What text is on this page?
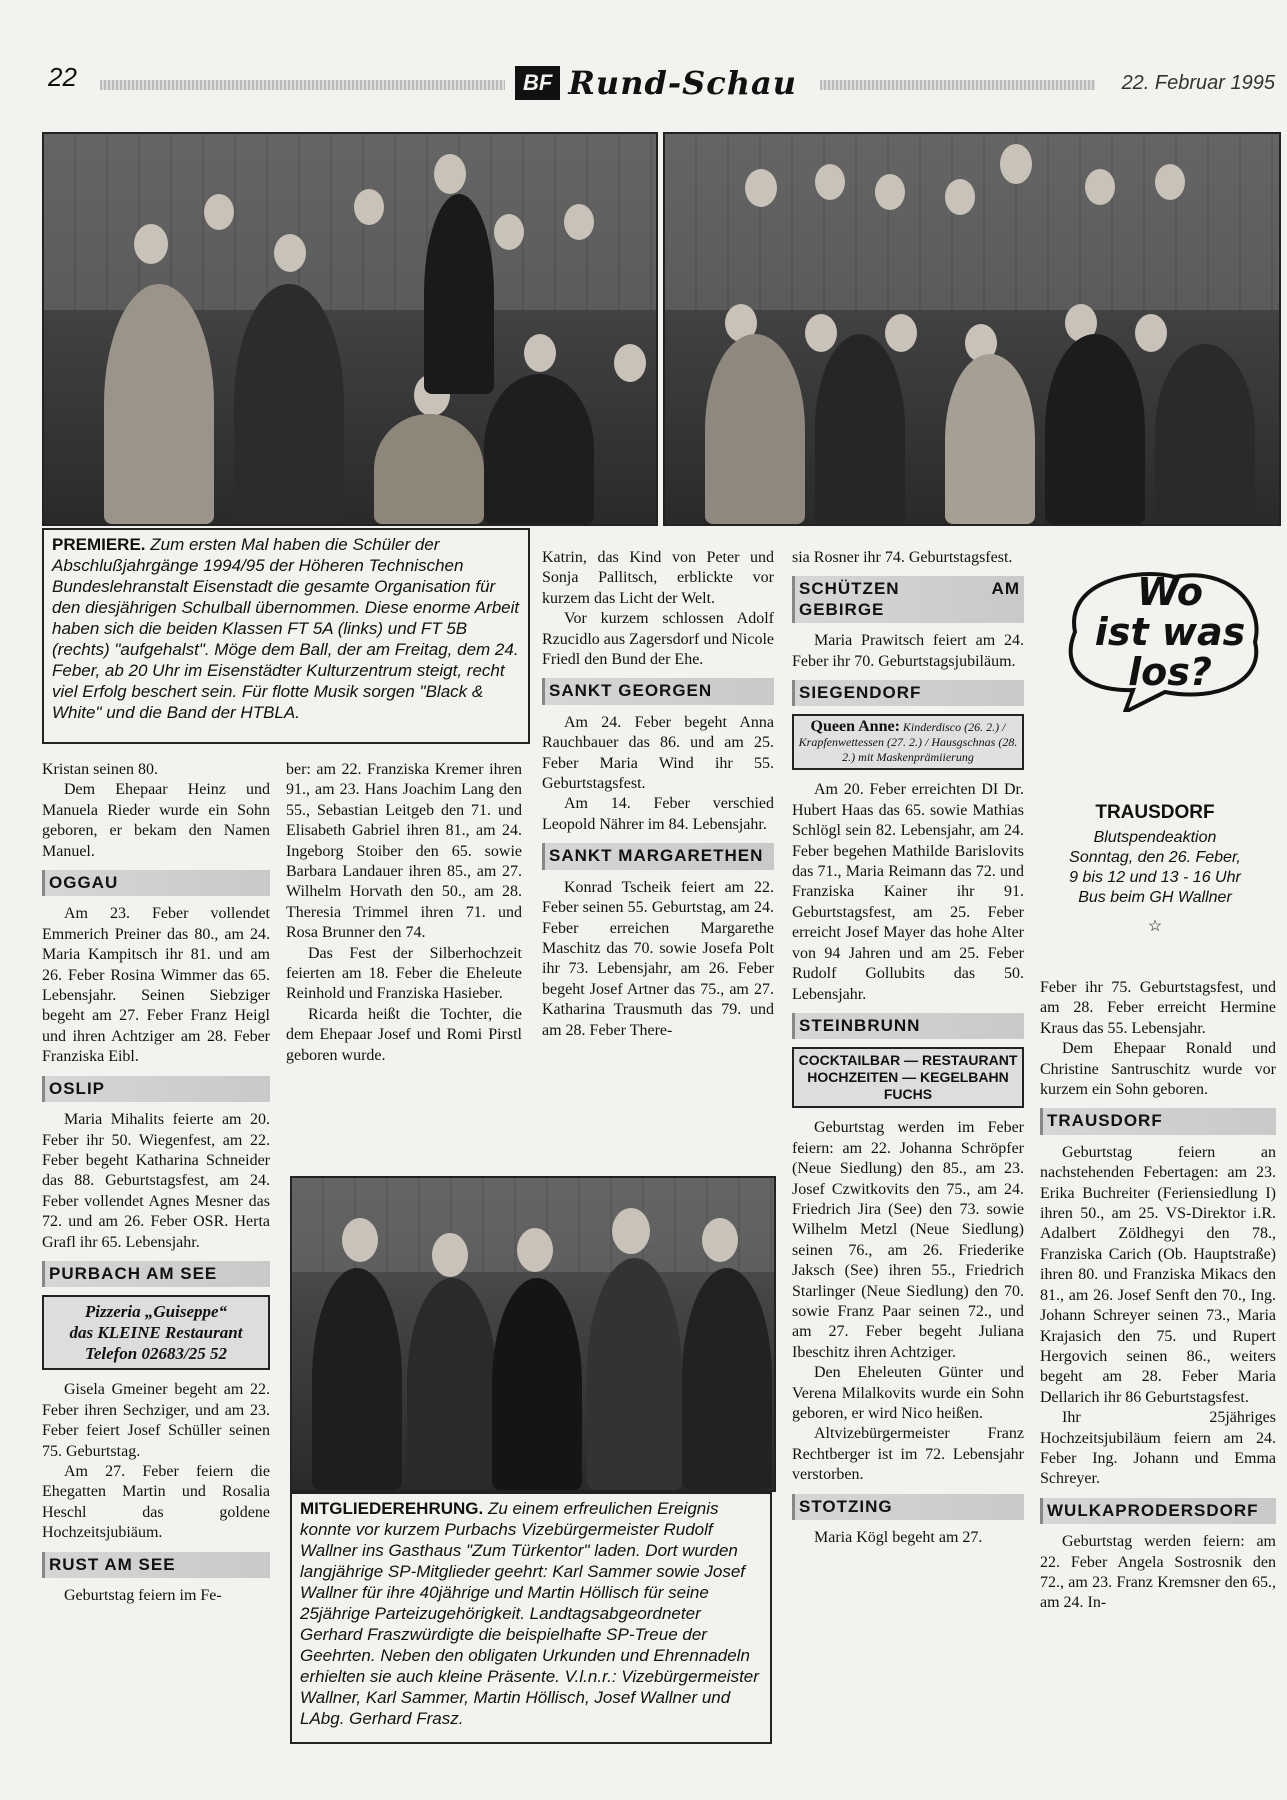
22	BF Rund-Schau	22. Februar 1995
PREMIERE. Zum ersten Mal haben die Schüler der Abschlußjahrgänge 1994/95 der Höheren Technischen Bundeslehranstalt Eisenstadt die gesamte Organisation für den diesjährigen Schulball übernommen. Diese enorme Arbeit haben sich die beiden Klassen FT 5A (links) und FT 5B (rechts) "aufgehalst". Möge dem Ball, der am Freitag, dem 24. Feber, ab 20 Uhr im Eisenstädter Kulturzentrum steigt, recht viel Erfolg beschert sein. Für flotte Musik sorgen "Black & White" und die Band der HTBLA.

Kristan seinen 80.

Dem Ehepaar Heinz und Manuela Rieder wurde ein Sohn geboren, er bekam den Namen Manuel.

OGGAU

Am 23. Feber vollendet Emmerich Preiner das 80., am 24. Maria Kampitsch ihr 81. und am 26. Feber Rosina Wimmer das 65. Lebensjahr. Seinen Siebziger begeht am 27. Feber Franz Heigl und ihren Achtziger am 28. Feber Franziska Eibl.

OSLIP

Maria Mihalits feierte am 20. Feber ihr 50. Wiegenfest, am 22. Feber begeht Katharina Schneider das 88. Geburtstagsfest, am 24. Feber vollendet Agnes Mesner das 72. und am 26. Feber OSR. Herta Grafl ihr 65. Lebensjahr.

PURBACH AM SEE
Pizzeria „Guiseppe“
das KLEINE Restaurant
Telefon 02683/25 52

Gisela Gmeiner begeht am 22. Feber ihren Sechziger, und am 23. Feber feiert Josef Schüller seinen 75. Geburtstag.

Am 27. Feber feiern die Ehegatten Martin und Rosalia Heschl das goldene Hochzeitsjubiäum.

RUST AM SEE

Geburtstag feiern im Fe-

ber: am 22. Franziska Kremer ihren 91., am 23. Hans Joachim Lang den 55., Sebastian Leitgeb den 71. und Elisabeth Gabriel ihren 81., am 24. Ingeborg Stoiber den 65. sowie Barbara Landauer ihren 85., am 27. Wilhelm Horvath den 50., am 28. Theresia Trimmel ihren 71. und Rosa Brunner den 74.

Das Fest der Silberhochzeit feierten am 18. Feber die Eheleute Reinhold und Franziska Hasieber.

Ricarda heißt die Tochter, die dem Ehepaar Josef und Romi Pirstl geboren wurde.

Katrin, das Kind von Peter und Sonja Pallitsch, erblickte vor kurzem das Licht der Welt.

Vor kurzem schlossen Adolf Rzucidlo aus Zagersdorf und Nicole Friedl den Bund der Ehe.

SANKT GEORGEN

Am 24. Feber begeht Anna Rauchbauer das 86. und am 25. Feber Maria Wind ihr 55. Geburtstagsfest.

Am 14. Feber verschied Leopold Nährer im 84. Lebensjahr.

SANKT MARGARETHEN

Konrad Tscheik feiert am 22. Feber seinen 55. Geburtstag, am 24. Feber erreichen Margarethe Maschitz das 70. sowie Josefa Polt ihr 73. Lebensjahr, am 26. Feber begeht Josef Artner das 75., am 27. Katharina Trausmuth das 79. und am 28. Feber There-

MITGLIEDEREHRUNG. Zu einem erfreulichen Ereignis konnte vor kurzem Purbachs Vizebürgermeister Rudolf Wallner ins Gasthaus "Zum Türkentor" laden. Dort wurden langjährige SP-Mitglieder geehrt: Karl Sammer sowie Josef Wallner für ihre 40jährige und Martin Höllisch für seine 25jährige Parteizugehörigkeit. Landtagsabgeordneter Gerhard Fraszwürdigte die beispielhafte SP-Treue der Geehrten. Neben den obligaten Urkunden und Ehrennadeln erhielten sie auch kleine Präsente. V.l.n.r.: Vizebürgermeister Wallner, Karl Sammer, Martin Höllisch, Josef Wallner und LAbg. Gerhard Frasz.

sia Rosner ihr 74. Geburtstagsfest.

SCHÜTZEN AM GEBIRGE

Maria Prawitsch feiert am 24. Feber ihr 70. Geburtstagsjubiläum.

SIEGENDORF
Queen Anne: Kinderdisco (26. 2.) / Krapfenwettessen (27. 2.) / Hausgschnas (28. 2.) mit Maskenprämiierung

Am 20. Feber erreichten DI Dr. Hubert Haas das 65. sowie Mathias Schlögl sein 82. Lebensjahr, am 24. Feber begehen Mathilde Barislovits das 71., Maria Reimann das 72. und Franziska Kainer ihr 91. Geburtstagsfest, am 25. Feber erreicht Josef Mayer das hohe Alter von 94 Jahren und am 25. Feber Rudolf Gollubits das 50. Lebensjahr.

STEINBRUNN
COCKTAILBAR — RESTAURANT
HOCHZEITEN — KEGELBAHN
FUCHS

Geburtstag werden im Feber feiern: am 22. Johanna Schröpfer (Neue Siedlung) den 85., am 23. Josef Czwitkovits den 75., am 24. Friedrich Jira (See) den 73. sowie Wilhelm Metzl (Neue Siedlung) seinen 76., am 26. Friederike Jaksch (See) ihren 55., Friedrich Starlinger (Neue Siedlung) den 70. sowie Franz Paar seinen 72., und am 27. Feber begeht Juliana Ibeschitz ihren Achtziger.

Den Eheleuten Günter und Verena Milalkovits wurde ein Sohn geboren, er wird Nico heißen.

Altvizebürgermeister Franz Rechtberger ist im 72. Lebensjahr verstorben.

STOTZING

Maria Kögl begeht am 27.

Wo
ist was
los?
TRAUSDORF
Blutspendeaktion
Sonntag, den 26. Feber,
9 bis 12 und 13 - 16 Uhr
Bus beim GH Wallner
☆

Feber ihr 75. Geburtstagsfest, und am 28. Feber erreicht Hermine Kraus das 55. Lebensjahr.

Dem Ehepaar Ronald und Christine Santruschitz wurde vor kurzem ein Sohn geboren.

TRAUSDORF

Geburtstag feiern an nachstehenden Febertagen: am 23. Erika Buchreiter (Feriensiedlung I) ihren 50., am 25. VS-Direktor i.R. Adalbert Zöldhegyi den 78., Franziska Carich (Ob. Hauptstraße) ihren 80. und Franziska Mikacs den 81., am 26. Josef Senft den 70., Ing. Johann Schreyer seinen 73., Maria Krajasich den 75. und Rupert Hergovich seinen 86., weiters begeht am 28. Feber Maria Dellarich ihr 86 Geburtstagsfest.

Ihr 25jähriges Hochzeitsjubiläum feiern am 24. Feber Ing. Johann und Emma Schreyer.

WULKAPRODERSDORF

Geburtstag werden feiern: am 22. Feber Angela Sostrosnik den 72., am 23. Franz Kremsner den 65., am 24. In-
